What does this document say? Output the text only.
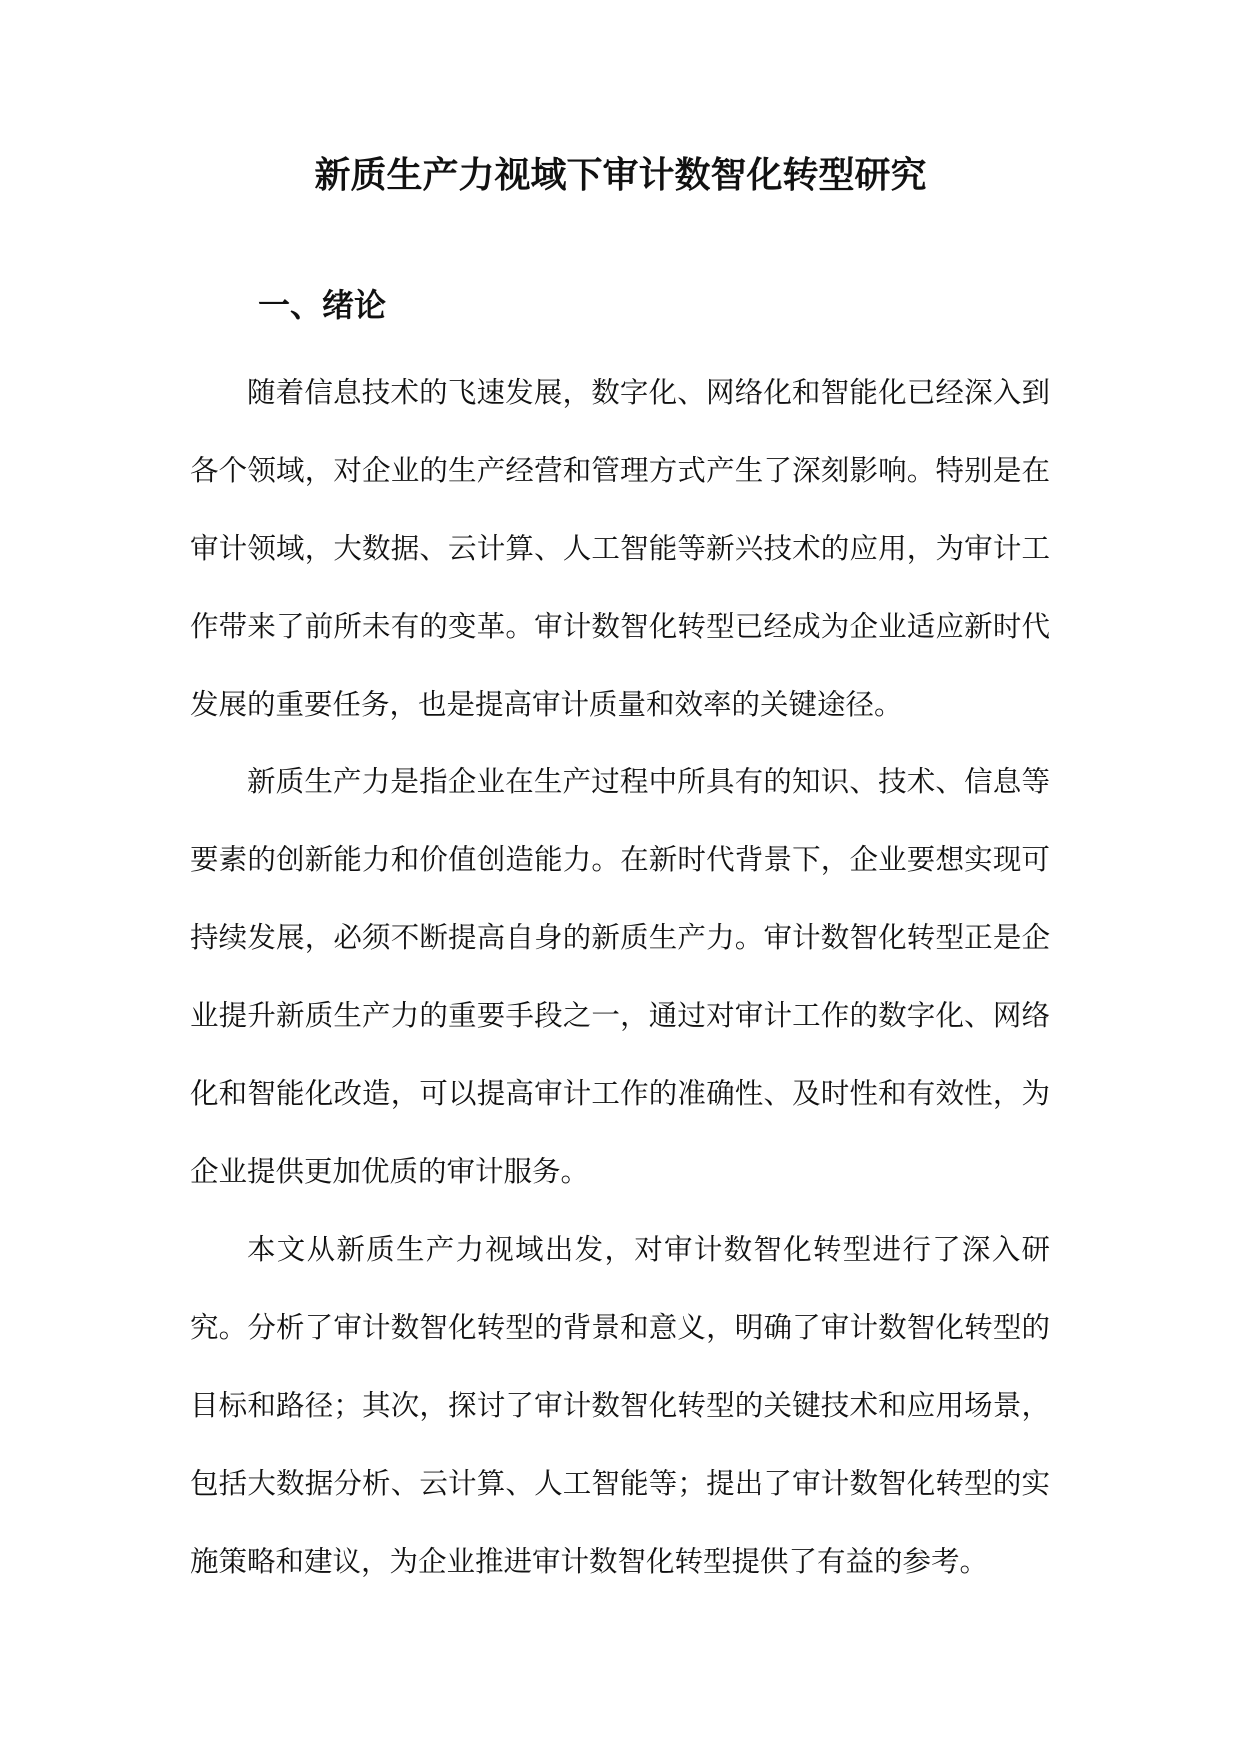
新质生产力视域下审计数智化转型研究
一、绪论

随着信息技术的飞速发展，数字化、网络化和智能化已经深入到各个领域，对企业的生产经营和管理方式产生了深刻影响。特别是在审计领域，大数据、云计算、人工智能等新兴技术的应用，为审计工作带来了前所未有的变革。审计数智化转型已经成为企业适应新时代发展的重要任务，也是提高审计质量和效率的关键途径。

新质生产力是指企业在生产过程中所具有的知识、技术、信息等要素的创新能力和价值创造能力。在新时代背景下，企业要想实现可持续发展，必须不断提高自身的新质生产力。审计数智化转型正是企业提升新质生产力的重要手段之一，通过对审计工作的数字化、网络化和智能化改造，可以提高审计工作的准确性、及时性和有效性，为企业提供更加优质的审计服务。

本文从新质生产力视域出发，对审计数智化转型进行了深入研究。分析了审计数智化转型的背景和意义，明确了审计数智化转型的目标和路径；其次，探讨了审计数智化转型的关键技术和应用场景，包括大数据分析、云计算、人工智能等；提出了审计数智化转型的实施策略和建议，为企业推进审计数智化转型提供了有益的参考。
